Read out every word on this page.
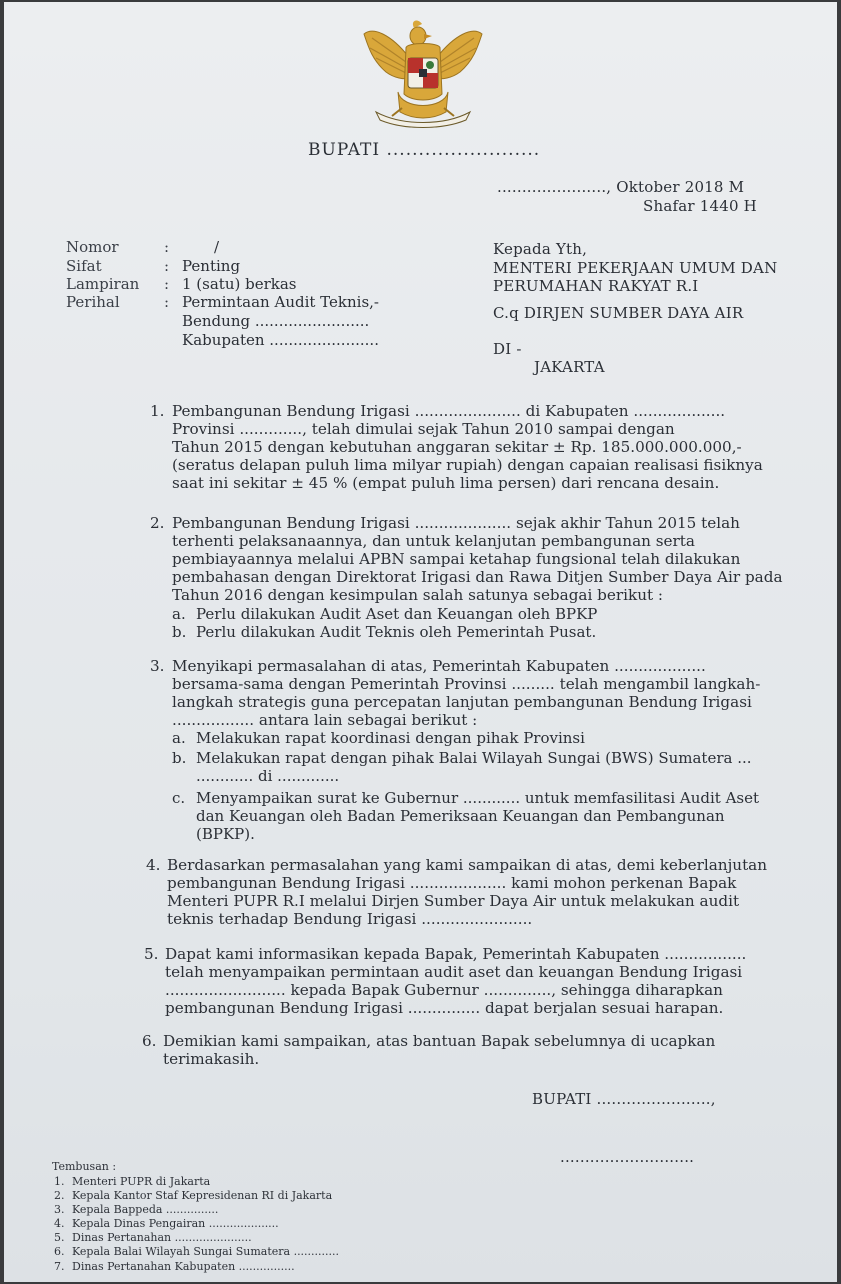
BUPATI ........................
......................, Oktober 2018 M
Shafar 1440 H
Nomor	:	/
Sifat	: Penting
Lampiran : 1 (satu) berkas
Perihal	: Permintaan Audit Teknis,-
Bendung ........................
Kabupaten .......................
Kepada Yth,
MENTERI PEKERJAAN UMUM DAN
PERUMAHAN RAKYAT R.I
C.q DIRJEN SUMBER DAYA AIR
DI -
JAKARTA
1. Pembangunan Bendung Irigasi ...................... di Kabupaten ...................
Provinsi ............., telah dimulai sejak Tahun 2010 sampai dengan
Tahun 2015 dengan kebutuhan anggaran sekitar ± Rp. 185.000.000.000,-
(seratus delapan puluh lima milyar rupiah) dengan capaian realisasi fisiknya
saat ini sekitar ± 45 % (empat puluh lima persen) dari rencana desain.
2. Pembangunan Bendung Irigasi .................... sejak akhir Tahun 2015 telah
terhenti pelaksanaannya, dan untuk kelanjutan pembangunan serta
pembiayaannya melalui APBN sampai ketahap fungsional telah dilakukan
pembahasan dengan Direktorat Irigasi dan Rawa Ditjen Sumber Daya Air pada
Tahun 2016 dengan kesimpulan salah satunya sebagai berikut :
a. Perlu dilakukan Audit Aset dan Keuangan oleh BPKP
b. Perlu dilakukan Audit Teknis oleh Pemerintah Pusat.
3. Menyikapi permasalahan di atas, Pemerintah Kabupaten ...................
bersama-sama dengan Pemerintah Provinsi ......... telah mengambil langkah-
langkah strategis guna percepatan lanjutan pembangunan Bendung Irigasi
................. antara lain sebagai berikut :
a. Melakukan rapat koordinasi dengan pihak Provinsi
b. Melakukan rapat dengan pihak Balai Wilayah Sungai (BWS) Sumatera ...
............ di .............
c. Menyampaikan surat ke Gubernur ............ untuk memfasilitasi Audit Aset
dan Keuangan oleh Badan Pemeriksaan Keuangan dan Pembangunan
(BPKP).
4. Berdasarkan permasalahan yang kami sampaikan di atas, demi keberlanjutan
pembangunan Bendung Irigasi .................... kami mohon perkenan Bapak
Menteri PUPR R.I melalui Dirjen Sumber Daya Air untuk melakukan audit
teknis terhadap Bendung Irigasi .......................
5. Dapat kami informasikan kepada Bapak, Pemerintah Kabupaten .................
telah menyampaikan permintaan audit aset dan keuangan Bendung Irigasi
......................... kepada Bapak Gubernur .............., sehingga diharapkan
pembangunan Bendung Irigasi ............... dapat berjalan sesuai harapan.
6. Demikian kami sampaikan, atas bantuan Bapak sebelumnya di ucapkan
terimakasih.
BUPATI .......................,
...........................
Tembusan :
1. Menteri PUPR di Jakarta
2. Kepala Kantor Staf Kepresidenan RI di Jakarta
3. Kepala Bappeda ...............
4. Kepala Dinas Pengairan ....................
5. Dinas Pertanahan ......................
6. Kepala Balai Wilayah Sungai Sumatera .............
7. Dinas Pertanahan Kabupaten ................
